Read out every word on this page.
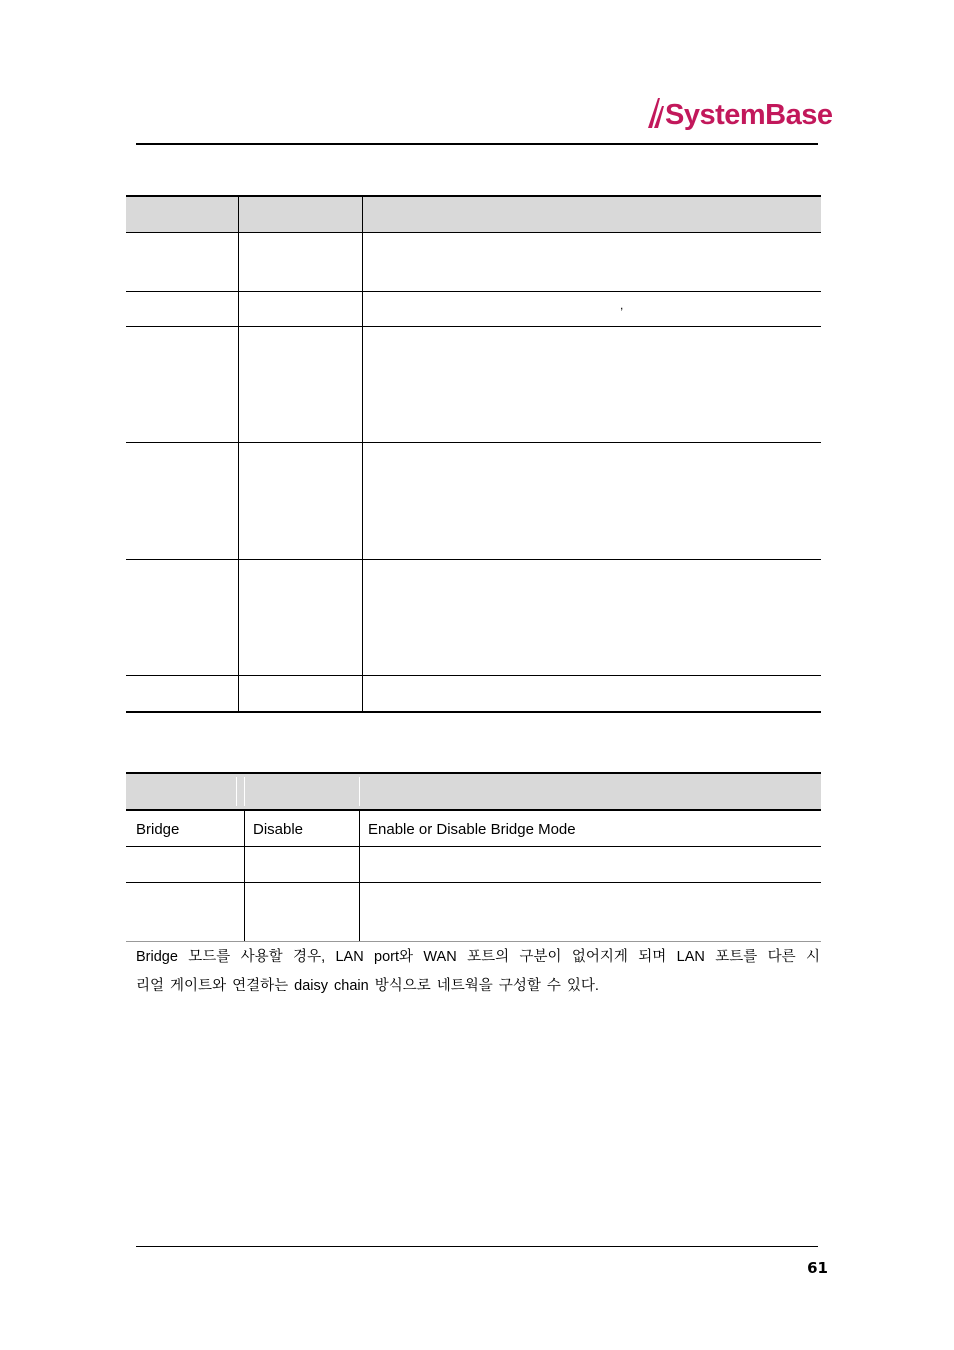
SystemBase
,
Bridge	Disable	Enable or Disable Bridge Mode
Bridge 모드를 사용할 경우, LAN port와 WAN 포트의 구분이 없어지게 되며 LAN 포트를 다른 시
리얼 게이트와 연결하는 daisy chain 방식으로 네트웍을 구성할 수 있다.
61
